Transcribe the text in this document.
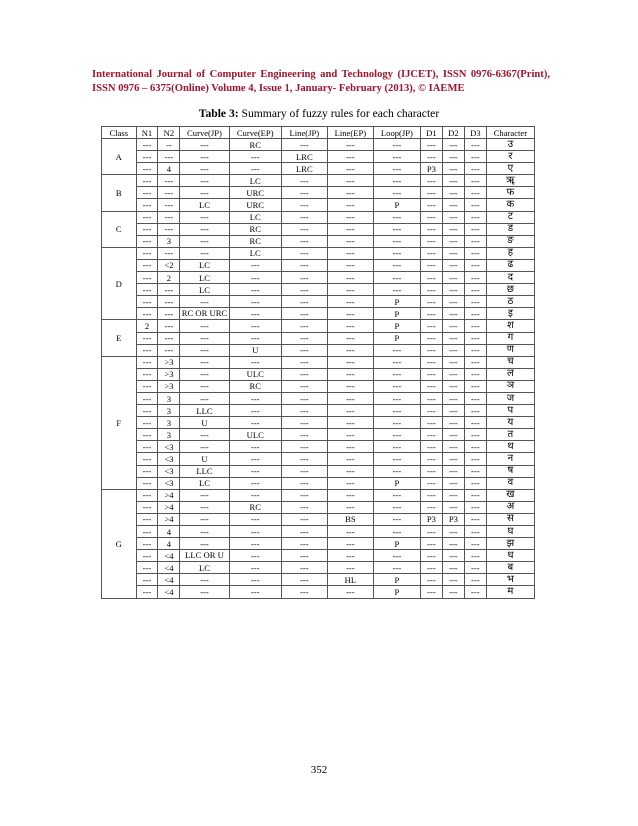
International Journal of Computer Engineering and Technology (IJCET), ISSN 0976-6367(Print), ISSN 0976 – 6375(Online) Volume 4, Issue 1, January- February (2013), © IAEME
Table 3: Summary of fuzzy rules for each character
Class	N1	N2	Curve(JP)	Curve(EP)	Line(JP)	Line(EP)	Loop(JP)	D1	D2	D3	Character
A	---	--	---	RC	---	---	---	---	---	---	उ
	---	---	---	---	LRC	---	---	---	---	---	र
	---	4	---	---	LRC	---	---	P3	---	---	ए
B	---	---	---	LC	---	---	---	---	---	---	ॠ
	---	---	---	URC	---	---	---	---	---	---	फ
	---	---	LC	URC	---	---	P	---	---	---	क
C	---	---	---	LC	---	---	---	---	---	---	ट
	---	---	---	RC	---	---	---	---	---	---	ड
	---	3	---	RC	---	---	---	---	---	---	ङ
D	---	---	---	LC	---	---	---	---	---	---	ह
	---	<2	LC	---	---	---	---	---	---	---	ढ
	---	2	LC	---	---	---	---	---	---	---	द
	---	---	LC	---	---	---	---	---	---	---	छ
	---	---	---	---	---	---	P	---	---	---	ठ
	---	---	RC OR URC	---	---	---	P	---	---	---	इ
E	2	---	---	---	---	---	P	---	---	---	श
	---	---	---	---	---	---	P	---	---	---	ग
	---	---	---	U	---	---	---	---	---	---	ण
F	---	>3	---	---	---	---	---	---	---	---	च
	---	>3	---	ULC	---	---	---	---	---	---	ल
	---	>3	---	RC	---	---	---	---	---	---	ञ
	---	3	---	---	---	---	---	---	---	---	ज
	---	3	LLC	---	---	---	---	---	---	---	प
	---	3	U	---	---	---	---	---	---	---	य
	---	3	---	ULC	---	---	---	---	---	---	त
	---	<3	---	---	---	---	---	---	---	---	थ
	---	<3	U	---	---	---	---	---	---	---	न
	---	<3	LLC	---	---	---	---	---	---	---	ष
	---	<3	LC	---	---	---	P	---	---	---	व
G	---	>4	---	---	---	---	---	---	---	---	ख
	---	>4	---	RC	---	---	---	---	---	---	अ
	---	>4	---	---	---	BS	---	P3	P3	---	स
	---	4	---	---	---	---	---	---	---	---	घ
	---	4	---	---	---	---	P	---	---	---	झ
	---	<4	LLC OR U	---	---	---	---	---	---	---	ध
	---	<4	LC	---	---	---	---	---	---	---	ब
	---	<4	---	---	---	HL	P	---	---	---	भ
	---	<4	---	---	---	---	P	---	---	---	म
352
